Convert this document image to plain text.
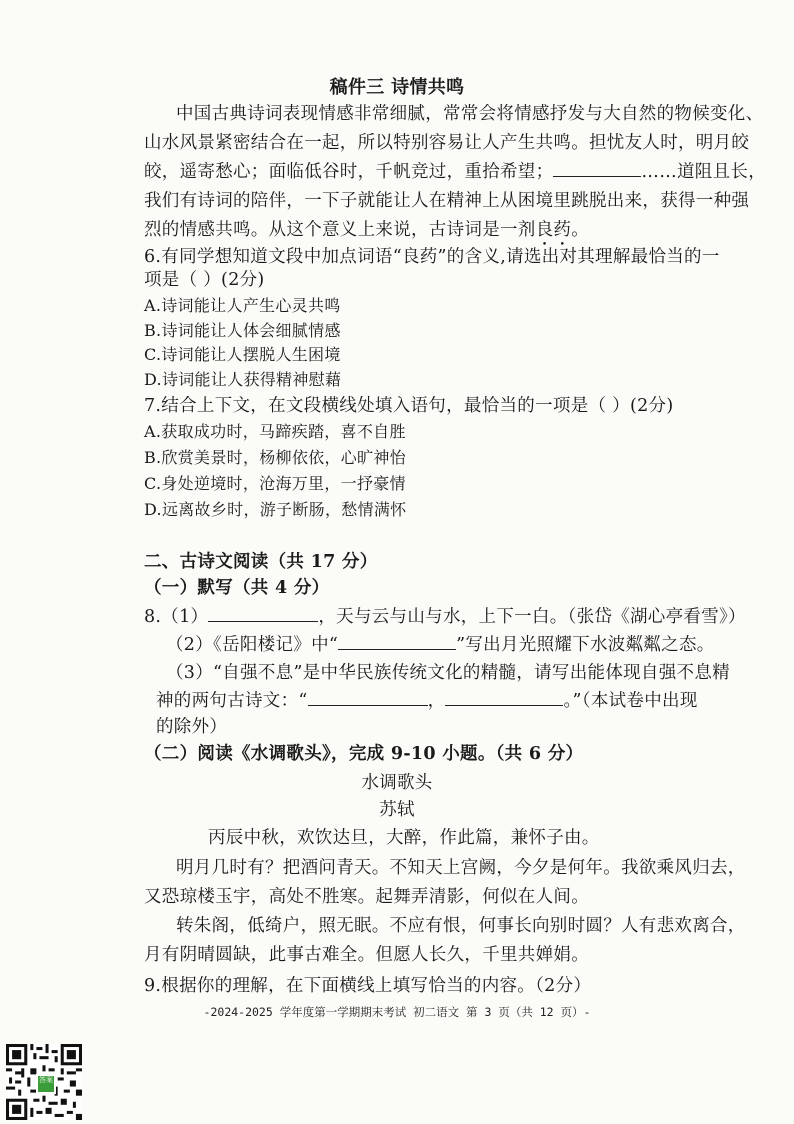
稿件三 诗情共鸣
中国古典诗词表现情感非常细腻，常常会将情感抒发与大自然的物候变化、
山水风景紧密结合在一起，所以特别容易让人产生共鸣。担忧友人时，明月皎
皎，遥寄愁心；面临低谷时，千帆竞过，重拾希望；	……道阻且长，
我们有诗词的陪伴，一下子就能让人在精神上从困境里跳脱出来，获得一种强
烈的情感共鸣。从这个意义上来说，古诗词是一剂良药。
6.有同学想知道文段中加点词语“良药”的含义,请选出对其理解最恰当的一
项是（ ）(2分)
A.诗词能让人产生心灵共鸣
B.诗词能让人体会细腻情感
C.诗词能让人摆脱人生困境
D.诗词能让人获得精神慰藉
7.结合上下文，在文段横线处填入语句，最恰当的一项是（ ）(2分)
A.获取成功时，马蹄疾踏，喜不自胜
B.欣赏美景时，杨柳依依，心旷神怡
C.身处逆境时，沧海万里，一抒豪情
D.远离故乡时，游子断肠，愁情满怀
二、古诗文阅读（共 17 分）
（一）默写（共 4 分）
8.（1）	，天与云与山与水，上下一白。（张岱《湖心亭看雪》）
（2）《岳阳楼记》中“	”写出月光照耀下水波粼粼之态。
（3）“自强不息”是中华民族传统文化的精髓，请写出能体现自强不息精
神的两句古诗文：“	，	。”（本试卷中出现
的除外）
（二）阅读《水调歌头》，完成 9-10 小题。（共 6 分）
水调歌头
苏轼
丙辰中秋，欢饮达旦，大醉，作此篇，兼怀子由。
明月几时有？把酒问青天。不知天上宫阙，今夕是何年。我欲乘风归去，
又恐琼楼玉宇，高处不胜寒。起舞弄清影，何似在人间。
转朱阁，低绮户，照无眠。不应有恨，何事长向别时圆？人有悲欢离合，
月有阴晴圆缺，此事古难全。但愿人长久，千里共婵娟。
9.根据你的理解，在下面横线上填写恰当的内容。（2分）
-2024-2025 学年度第一学期期末考试 初二语文 第 3 页（共 12 页）-
答案
